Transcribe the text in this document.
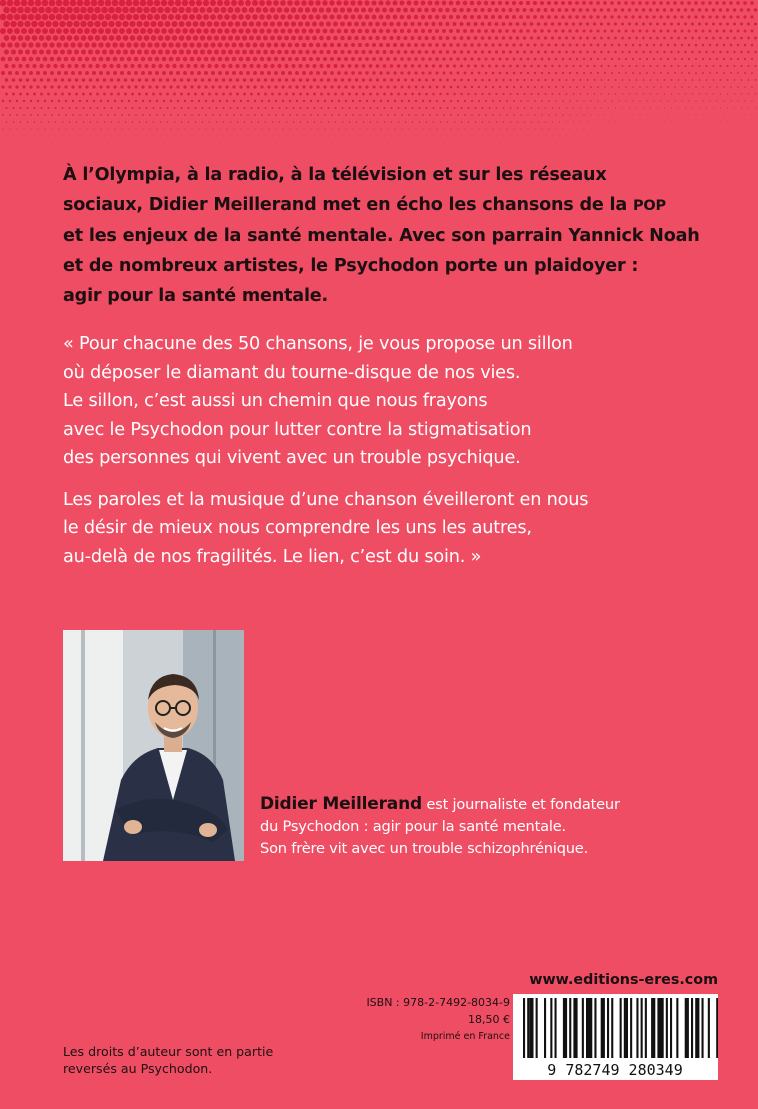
À l’Olympia, à la radio, à la télévision et sur les réseaux
sociaux, Didier Meillerand met en écho les chansons de la POP
et les enjeux de la santé mentale. Avec son parrain Yannick Noah
et de nombreux artistes, le Psychodon porte un plaidoyer :
agir pour la santé mentale.

« Pour chacune des 50 chansons, je vous propose un sillon
où déposer le diamant du tourne-disque de nos vies.
Le sillon, c’est aussi un chemin que nous frayons
avec le Psychodon pour lutter contre la stigmatisation
des personnes qui vivent avec un trouble psychique.

Les paroles et la musique d’une chanson éveilleront en nous
le désir de mieux nous comprendre les uns les autres,
au-delà de nos fragilités. Le lien, c’est du soin. »

Didier Meillerand est journaliste et fondateur
du Psychodon : agir pour la santé mentale.
Son frère vit avec un trouble schizophrénique.
www.editions-eres.com
ISBN : 978-2-7492-8034-9
18,50 €
Imprimé en France
9 782749 280349
Les droits d’auteur sont en partie
reversés au Psychodon.
